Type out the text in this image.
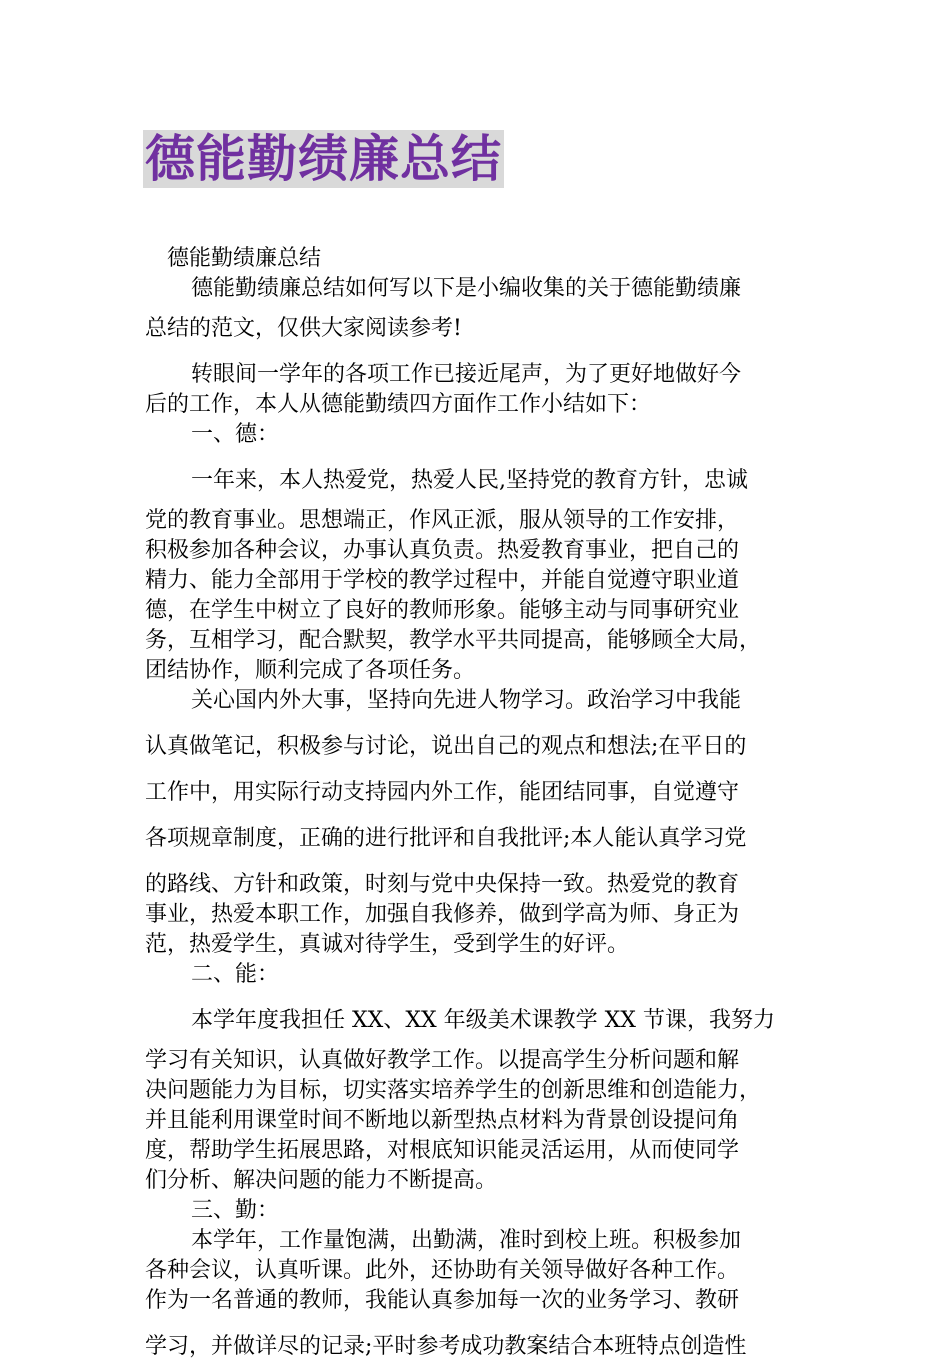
德能勤绩廉总结
德能勤绩廉总结
德能勤绩廉总结如何写以下是小编收集的关于德能勤绩廉
总结的范文，仅供大家阅读参考!
转眼间一学年的各项工作已接近尾声，为了更好地做好今
后的工作，本人从德能勤绩四方面作工作小结如下：
一、德：
一年来，本人热爱党，热爱人民,坚持党的教育方针，忠诚
党的教育事业。思想端正，作风正派，服从领导的工作安排，
积极参加各种会议，办事认真负责。热爱教育事业，把自己的
精力、能力全部用于学校的教学过程中，并能自觉遵守职业道
德，在学生中树立了良好的教师形象。能够主动与同事研究业
务，互相学习，配合默契，教学水平共同提高，能够顾全大局，
团结协作，顺利完成了各项任务。
关心国内外大事，坚持向先进人物学习。政治学习中我能
认真做笔记，积极参与讨论，说出自己的观点和想法;在平日的
工作中，用实际行动支持园内外工作，能团结同事，自觉遵守
各项规章制度，正确的进行批评和自我批评;本人能认真学习党
的路线、方针和政策，时刻与党中央保持一致。热爱党的教育
事业，热爱本职工作，加强自我修养，做到学高为师、身正为
范，热爱学生，真诚对待学生，受到学生的好评。
二、能：
本学年度我担任 XX、XX 年级美术课教学 XX 节课，我努力
学习有关知识，认真做好教学工作。以提高学生分析问题和解
决问题能力为目标，切实落实培养学生的创新思维和创造能力，
并且能利用课堂时间不断地以新型热点材料为背景创设提问角
度，帮助学生拓展思路，对根底知识能灵活运用，从而使同学
们分析、解决问题的能力不断提高。
三、勤：
本学年，工作量饱满，出勤满，准时到校上班。积极参加
各种会议，认真听课。此外，还协助有关领导做好各种工作。
作为一名普通的教师，我能认真参加每一次的业务学习、教研
学习，并做详尽的记录;平时参考成功教案结合本班特点创造性
